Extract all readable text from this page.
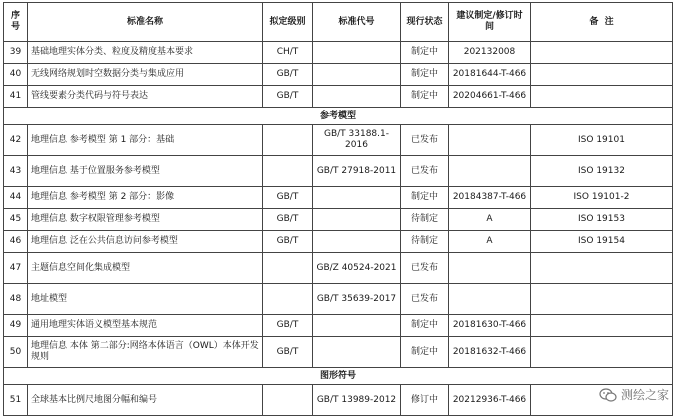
序号	标准名称	拟定级别	标准代号	现行状态	建议制定/修订时间	备  注
39	基础地理实体分类、粒度及精度基本要求	CH/T		制定中	202132008	
40	无线网络规划时空数据分类与集成应用	GB/T		制定中	20181644-T-466	
41	管线要素分类代码与符号表达	GB/T		制定中	20204661-T-466	
参考模型						
42	地理信息 参考模型 第 1 部分：基础		GB/T 33188.1-2016	已发布		ISO 19101
43	地理信息 基于位置服务参考模型		GB/T 27918-2011	已发布		ISO 19132
44	地理信息 参考模型 第 2 部分：影像	GB/T		制定中	20184387-T-466	ISO 19101-2
45	地理信息 数字权限管理参考模型	GB/T		待制定	A	ISO 19153
46	地理信息 泛在公共信息访问参考模型	GB/T		待制定	A	ISO 19154
47	主题信息空间化集成模型		GB/Z 40524-2021	已发布		
48	地址模型		GB/T 35639-2017	已发布		
49	通用地理实体语义模型基本规范	GB/T		制定中	20181630-T-466	
50	地理信息 本体 第二部分:网络本体语言（OWL）本体开发规则	GB/T		制定中	20181632-T-466	
图形符号						
51	全球基本比例尺地图分幅和编号		GB/T 13989-2012	修订中	20212936-T-466		测绘之家
